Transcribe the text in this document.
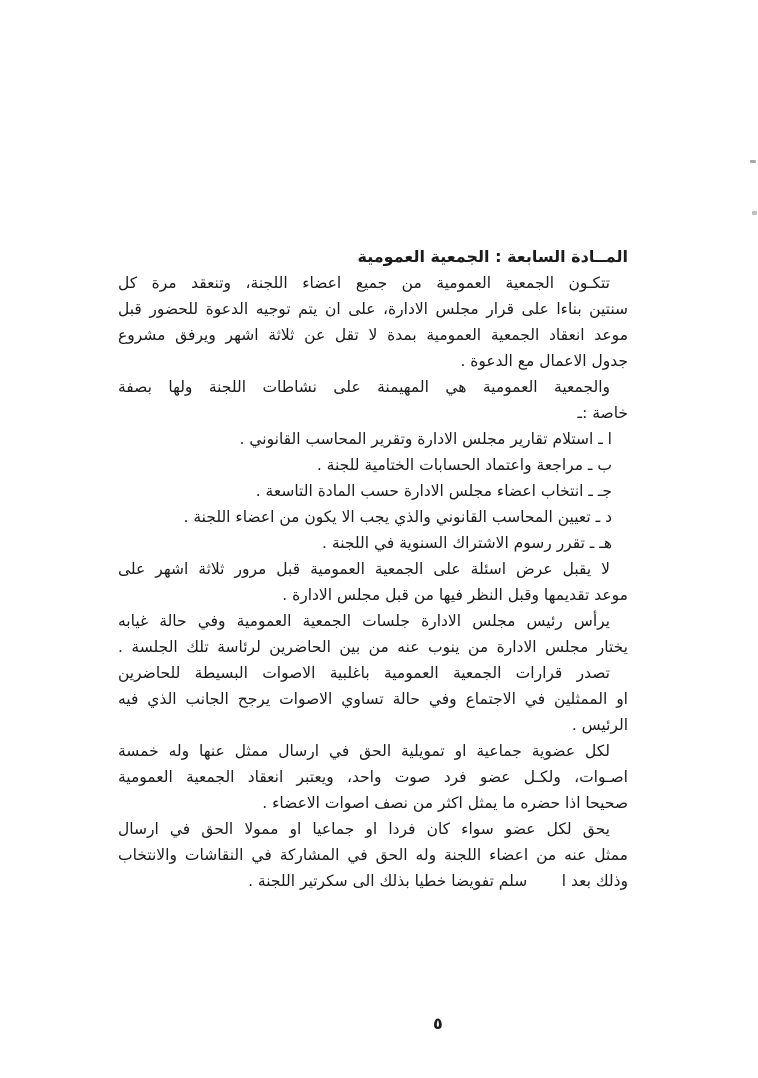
المــادة السابعة : الجمعية العمومية
تتكـون الجمعية العمومية من جميع اعضاء اللجنة، وتنعقد مرة كل
سنتين بناءا على قرار مجلس الادارة، على ان يتم توجيه الدعوة للحضور قبل
موعد انعقاد الجمعية العمومية بمدة لا تقل عن ثلاثة اشهر ويرفق مشروع
جدول الاعمال مع الدعوة .
والجمعية العمومية هي المهيمنة على نشاطات اللجنة ولها بصفة
خاصة :ـ
ا ـ استلام تقارير مجلس الادارة وتقرير المحاسب القانوني .
ب ـ مراجعة واعتماد الحسابات الختامية للجنة .
جـ ـ انتخاب اعضاء مجلس الادارة حسب المادة التاسعة .
د ـ تعيين المحاسب القانوني والذي يجب الا يكون من اعضاء اللجنة .
هـ ـ تقرر رسوم الاشتراك السنوية في اللجنة .
لا يقبل عرض اسئلة على الجمعية العمومية قبل مرور ثلاثة اشهر على
موعد تقديمها وقبل النظر فيها من قبل مجلس الادارة .
يرأس رئيس مجلس الادارة جلسات الجمعية العمومية وفي حالة غيابه
يختار مجلس الادارة من ينوب عنه من بين الحاضرين لرئاسة تلك الجلسة .
تصدر قرارات الجمعية العمومية باغلبية الاصوات البسيطة للحاضرين
او الممثلين في الاجتماع وفي حالة تساوي الاصوات يرجح الجانب الذي فيه
الرئيس .
لكل عضوية جماعية او تمويلية الحق في ارسال ممثل عنها وله خمسة
اصـوات، ولكـل عضو فرد صوت واحد، ويعتبر انعقاد الجمعية العمومية
صحيحا اذا حضره ما يمثل اكثر من نصف اصوات الاعضاء .
يحق لكل عضو سواء كان فردا او جماعيا او ممولا الحق في ارسال
ممثل عنه من اعضاء اللجنة وله الحق في المشاركة في النقاشات والانتخاب
وذلك بعد ا       سلم تفويضا خطيا بذلك الى سكرتير اللجنة .
٥
